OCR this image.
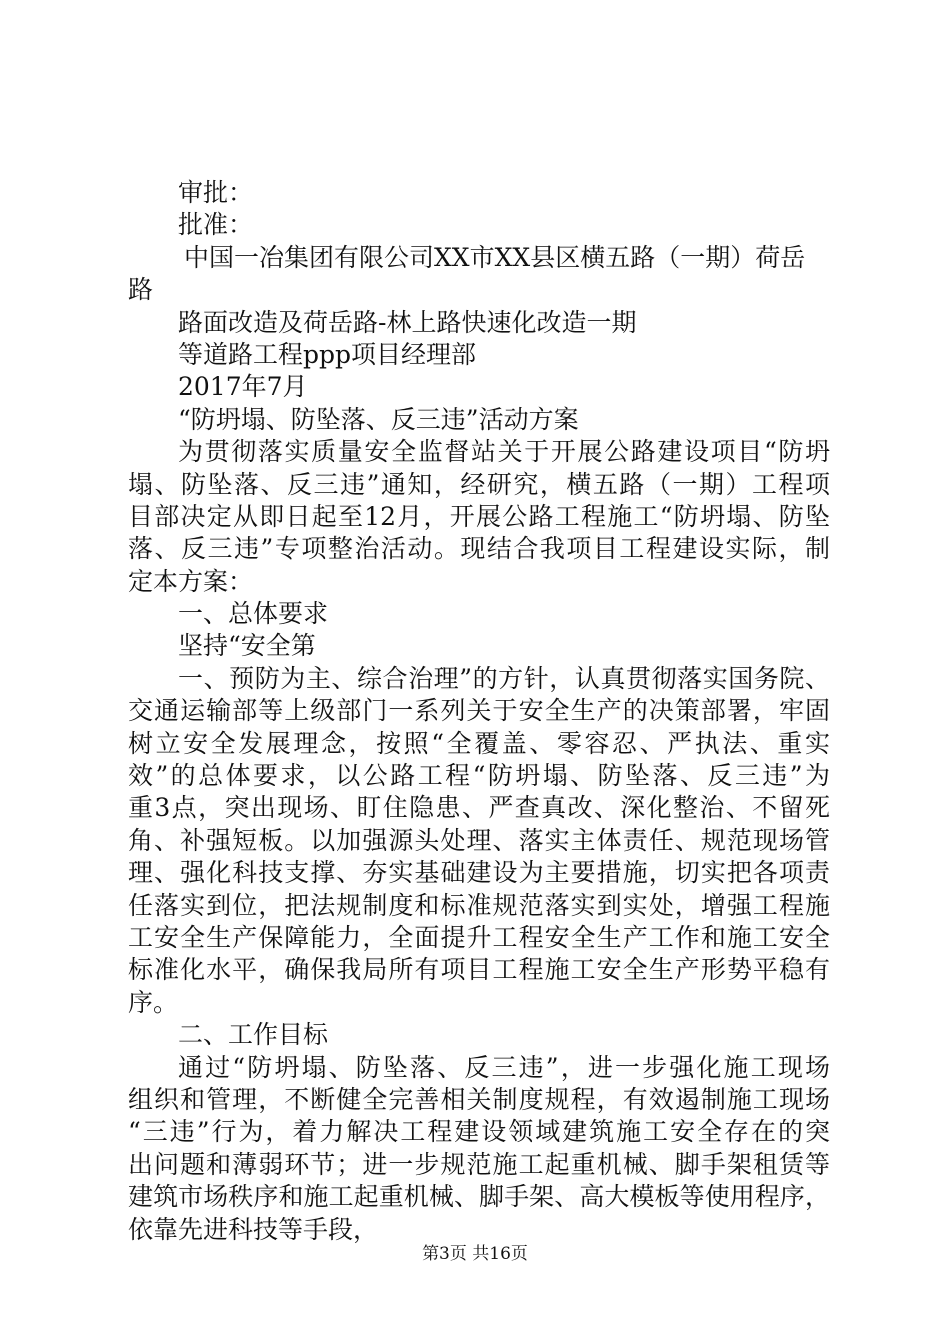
审批：
批准：
中国一冶集团有限公司XX市XX县区横五路（一期）荷岳
路
路面改造及荷岳路-林上路快速化改造一期
等道路工程ppp项目经理部
2017年7月
“防坍塌、防坠落、反三违”活动方案
为贯彻落实质量安全监督站关于开展公路建设项目“防坍
塌、防坠落、反三违”通知，经研究，横五路（一期）工程项
目部决定从即日起至12月，开展公路工程施工“防坍塌、防坠
落、反三违”专项整治活动。现结合我项目工程建设实际，制
定本方案：
一、总体要求
坚持“安全第
一、预防为主、综合治理”的方针，认真贯彻落实国务院、
交通运输部等上级部门一系列关于安全生产的决策部署，牢固
树立安全发展理念，按照“全覆盖、零容忍、严执法、重实
效”的总体要求，以公路工程“防坍塌、防坠落、反三违”为
重3点，突出现场、盯住隐患、严查真改、深化整治、不留死
角、补强短板。以加强源头处理、落实主体责任、规范现场管
理、强化科技支撑、夯实基础建设为主要措施，切实把各项责
任落实到位，把法规制度和标准规范落实到实处，增强工程施
工安全生产保障能力，全面提升工程安全生产工作和施工安全
标准化水平，确保我局所有项目工程施工安全生产形势平稳有
序。
二、工作目标
通过“防坍塌、防坠落、反三违”，进一步强化施工现场
组织和管理，不断健全完善相关制度规程，有效遏制施工现场
“三违”行为，着力解决工程建设领域建筑施工安全存在的突
出问题和薄弱环节；进一步规范施工起重机械、脚手架租赁等
建筑市场秩序和施工起重机械、脚手架、高大模板等使用程序，
依靠先进科技等手段，
第3页 共16页
